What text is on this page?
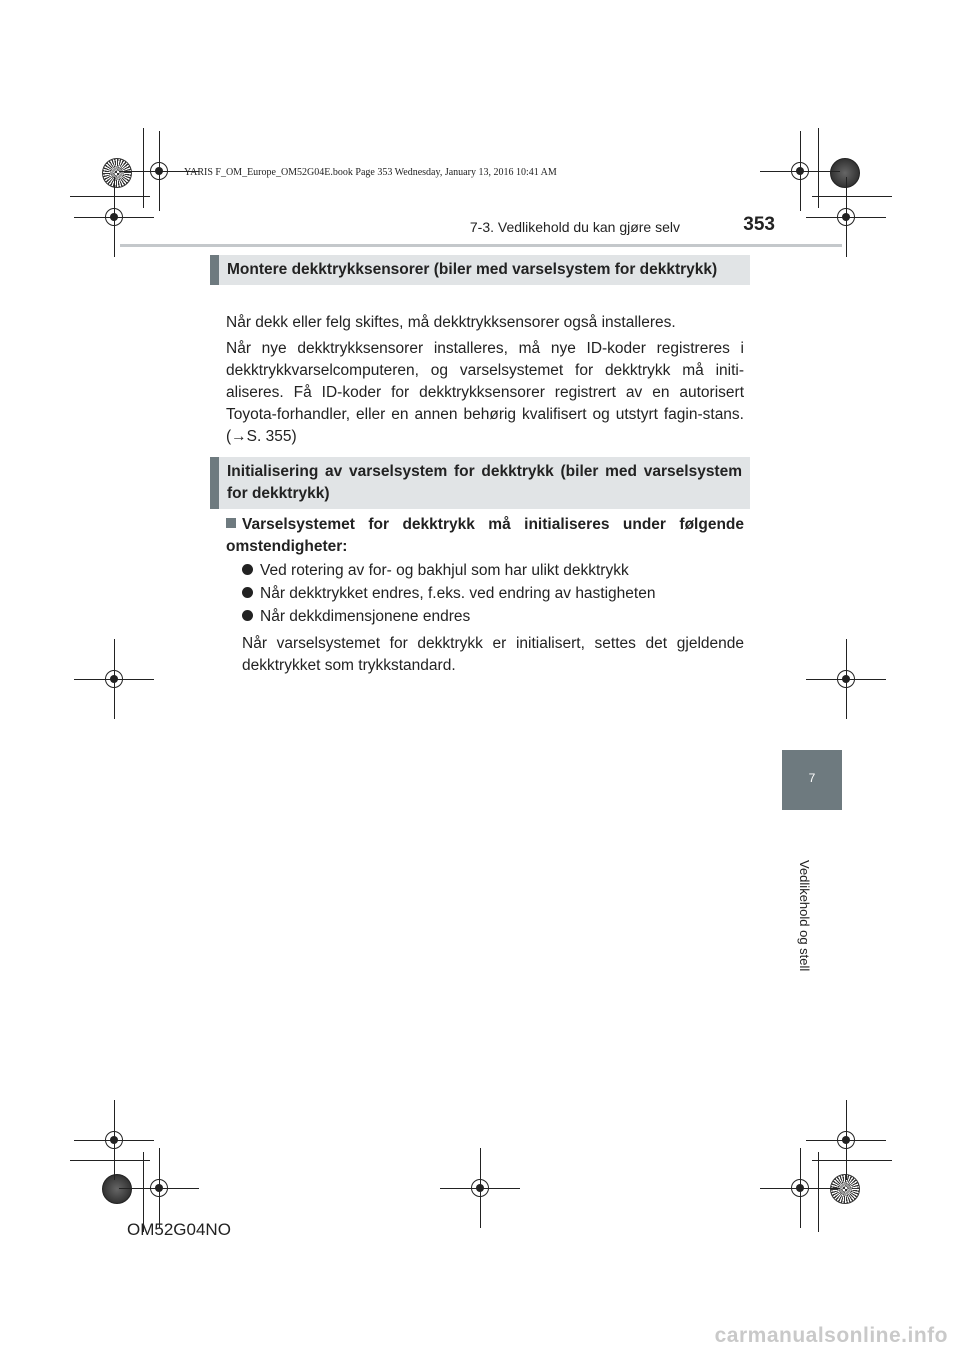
YARIS F_OM_Europe_OM52G04E.book Page 353 Wednesday, January 13, 2016 10:41 AM
7-3. Vedlikehold du kan gjøre selv	353
7
Vedlikehold og stell
Montere dekktrykksensorer (biler med varselsystem for dekktrykk)
Når dekk eller felg skiftes, må dekktrykksensorer også installeres.
Når nye dekktrykksensorer installeres, må nye ID-koder registreres i dekktrykkvarselcomputeren, og varselsystemet for dekktrykk må initi-aliseres. Få ID-koder for dekktrykksensorer registrert av en autorisert Toyota-forhandler, eller en annen behørig kvalifisert og utstyrt fagin-stans. (→S. 355)
Initialisering av varselsystem for dekktrykk (biler med varselsystem for dekktrykk)
Varselsystemet for dekktrykk må initialiseres under følgende omstendigheter:
Ved rotering av for- og bakhjul som har ulikt dekktrykk
Når dekktrykket endres, f.eks. ved endring av hastigheten
Når dekkdimensjonene endres
Når varselsystemet for dekktrykk er initialisert, settes det gjeldende dekktrykket som trykkstandard.
OM52G04NO
carmanualsonline.info
